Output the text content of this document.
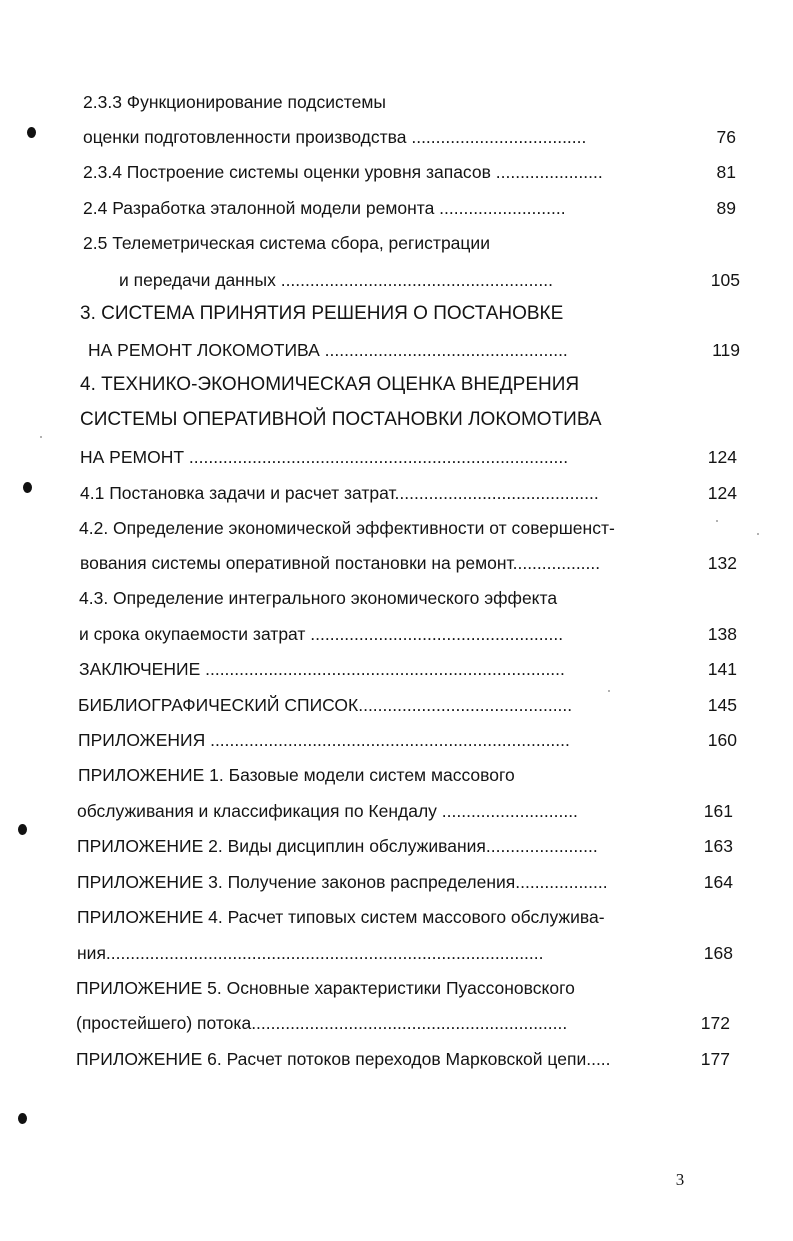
2.3.3 Функционирование подсистемы
оценки подготовленности производства ....................................	76
2.3.4 Построение системы оценки уровня запасов ......................	81
2.4 Разработка эталонной модели ремонта ..........................	89
2.5 Телеметрическая система сбора, регистрации
и передачи данных ........................................................	105
3. СИСТЕМА ПРИНЯТИЯ РЕШЕНИЯ О ПОСТАНОВКЕ
НА РЕМОНТ ЛОКОМОТИВА ..................................................	119
4. ТЕХНИКО-ЭКОНОМИЧЕСКАЯ ОЦЕНКА ВНЕДРЕНИЯ
СИСТЕМЫ ОПЕРАТИВНОЙ ПОСТАНОВКИ ЛОКОМОТИВА
НА РЕМОНТ ..............................................................................	124
4.1 Постановка задачи и расчет затрат..........................................	124
4.2. Определение экономической эффективности от совершенст-
вования системы оперативной постановки на ремонт..................	132
4.3. Определение интегрального экономического эффекта
и срока окупаемости затрат ....................................................	138
ЗАКЛЮЧЕНИЕ ..........................................................................	141
БИБЛИОГРАФИЧЕСКИЙ СПИСОК............................................	145
ПРИЛОЖЕНИЯ ..........................................................................	160
ПРИЛОЖЕНИЕ 1. Базовые модели систем массового
обслуживания и классификация по Кендалу ............................	161
ПРИЛОЖЕНИЕ 2. Виды дисциплин обслуживания.......................	163
ПРИЛОЖЕНИЕ 3. Получение законов распределения...................	164
ПРИЛОЖЕНИЕ 4. Расчет типовых систем массового обслужива-
ния..........................................................................................	168
ПРИЛОЖЕНИЕ 5. Основные характеристики Пуассоновского
(простейшего) потока.................................................................	172
ПРИЛОЖЕНИЕ 6. Расчет потоков переходов Марковской цепи.....	177
3
